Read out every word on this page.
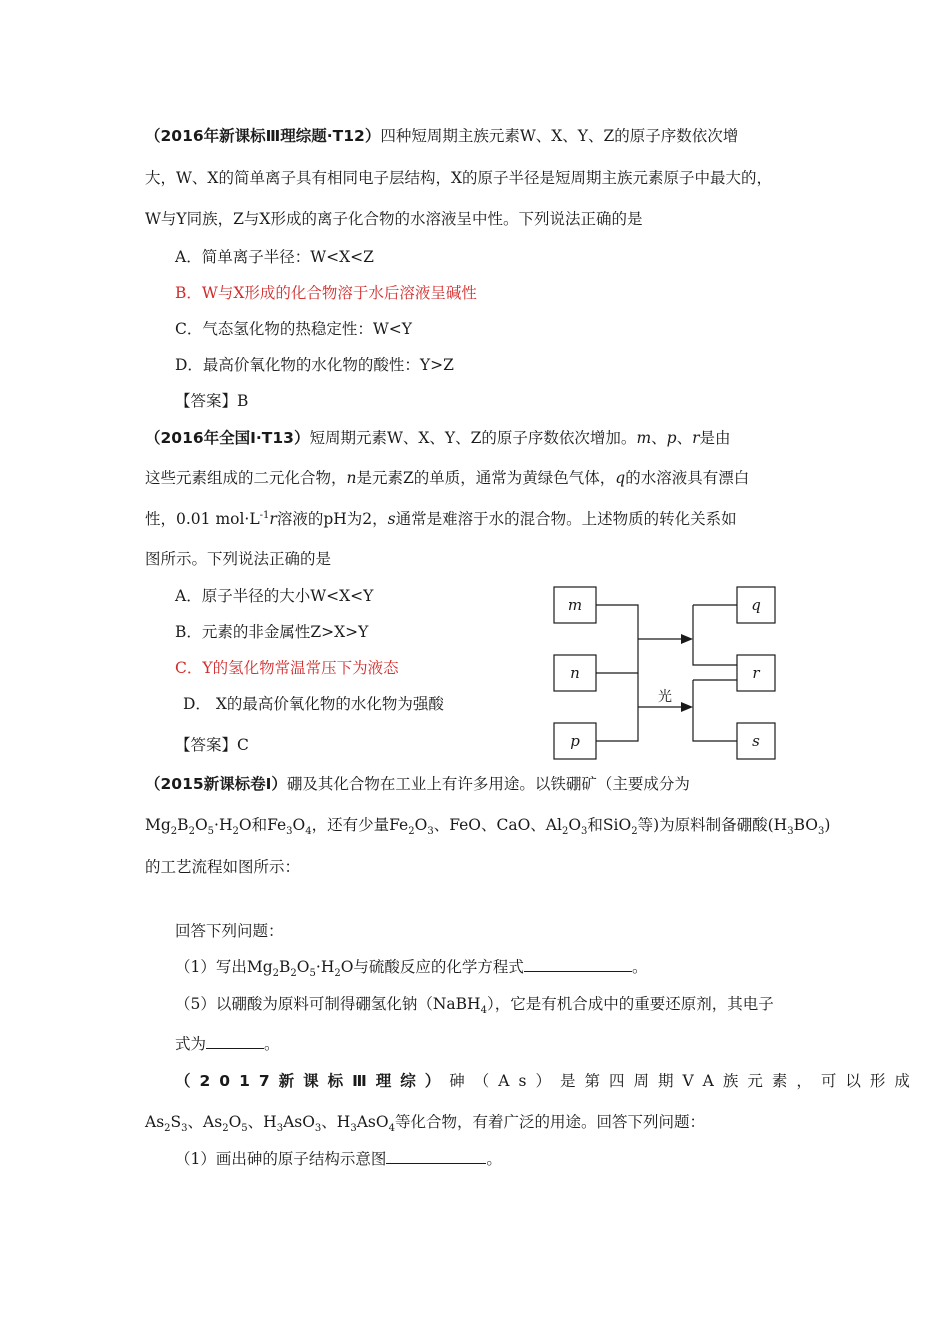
（2016年新课标Ⅲ理综题·T12）四种短周期主族元素W、X、Y、Z的原子序数依次增
大，W、X的简单离子具有相同电子层结构，X的原子半径是短周期主族元素原子中最大的，
W与Y同族，Z与X形成的离子化合物的水溶液呈中性。下列说法正确的是
A．简单离子半径：W<X<Z
B．W与X形成的化合物溶于水后溶液呈碱性
C．气态氢化物的热稳定性：W<Y
D．最高价氧化物的水化物的酸性：Y>Z
【答案】B
（2016年全国Ⅰ·T13）短周期元素W、X、Y、Z的原子序数依次增加。m、p、r是由
这些元素组成的二元化合物，n是元素Z的单质，通常为黄绿色气体，q的水溶液具有漂白
性，0.01 $mol\cdot L^{-1}r$溶液的pH为2，s通常是难溶于水的混合物。上述物质的转化关系如
图所示。下列说法正确的是
A．原子半径的大小W<X<Y
B．元素的非金属性Z>X>Y
C．Y的氢化物常温常压下为液态
D． X的最高价氧化物的水化物为强酸
【答案】C
m
n
p
q
r
s
光
（2015新课标卷Ⅰ）硼及其化合物在工业上有许多用途。以铁硼矿（主要成分为
$Mg_2B_2O_5\cdot H_2O$和$Fe_3O_4$，还有少量$Fe_2O_3$、FeO、CaO、$Al_2O_3$和SiO$_2$等)为原料制备硼酸$(H_3BO_3)$
的工艺流程如图所示：
回答下列问题：
（1）写出$Mg_2B_2O_5\cdot H_2O$与硫酸反应的化学方程式	。
（5）以硼酸为原料可制得硼氢化钠（NaBH$_4$），它是有机合成中的重要还原剂，其电子
式为	。
（2017新课标Ⅲ理综）砷（As）是第四周期ⅤA族元素，可以形成
$As_2S_3$、$As_2O_5$、$H_3AsO_3$、$H_3AsO_4$等化合物，有着广泛的用途。回答下列问题：
（1）画出砷的原子结构示意图	。
